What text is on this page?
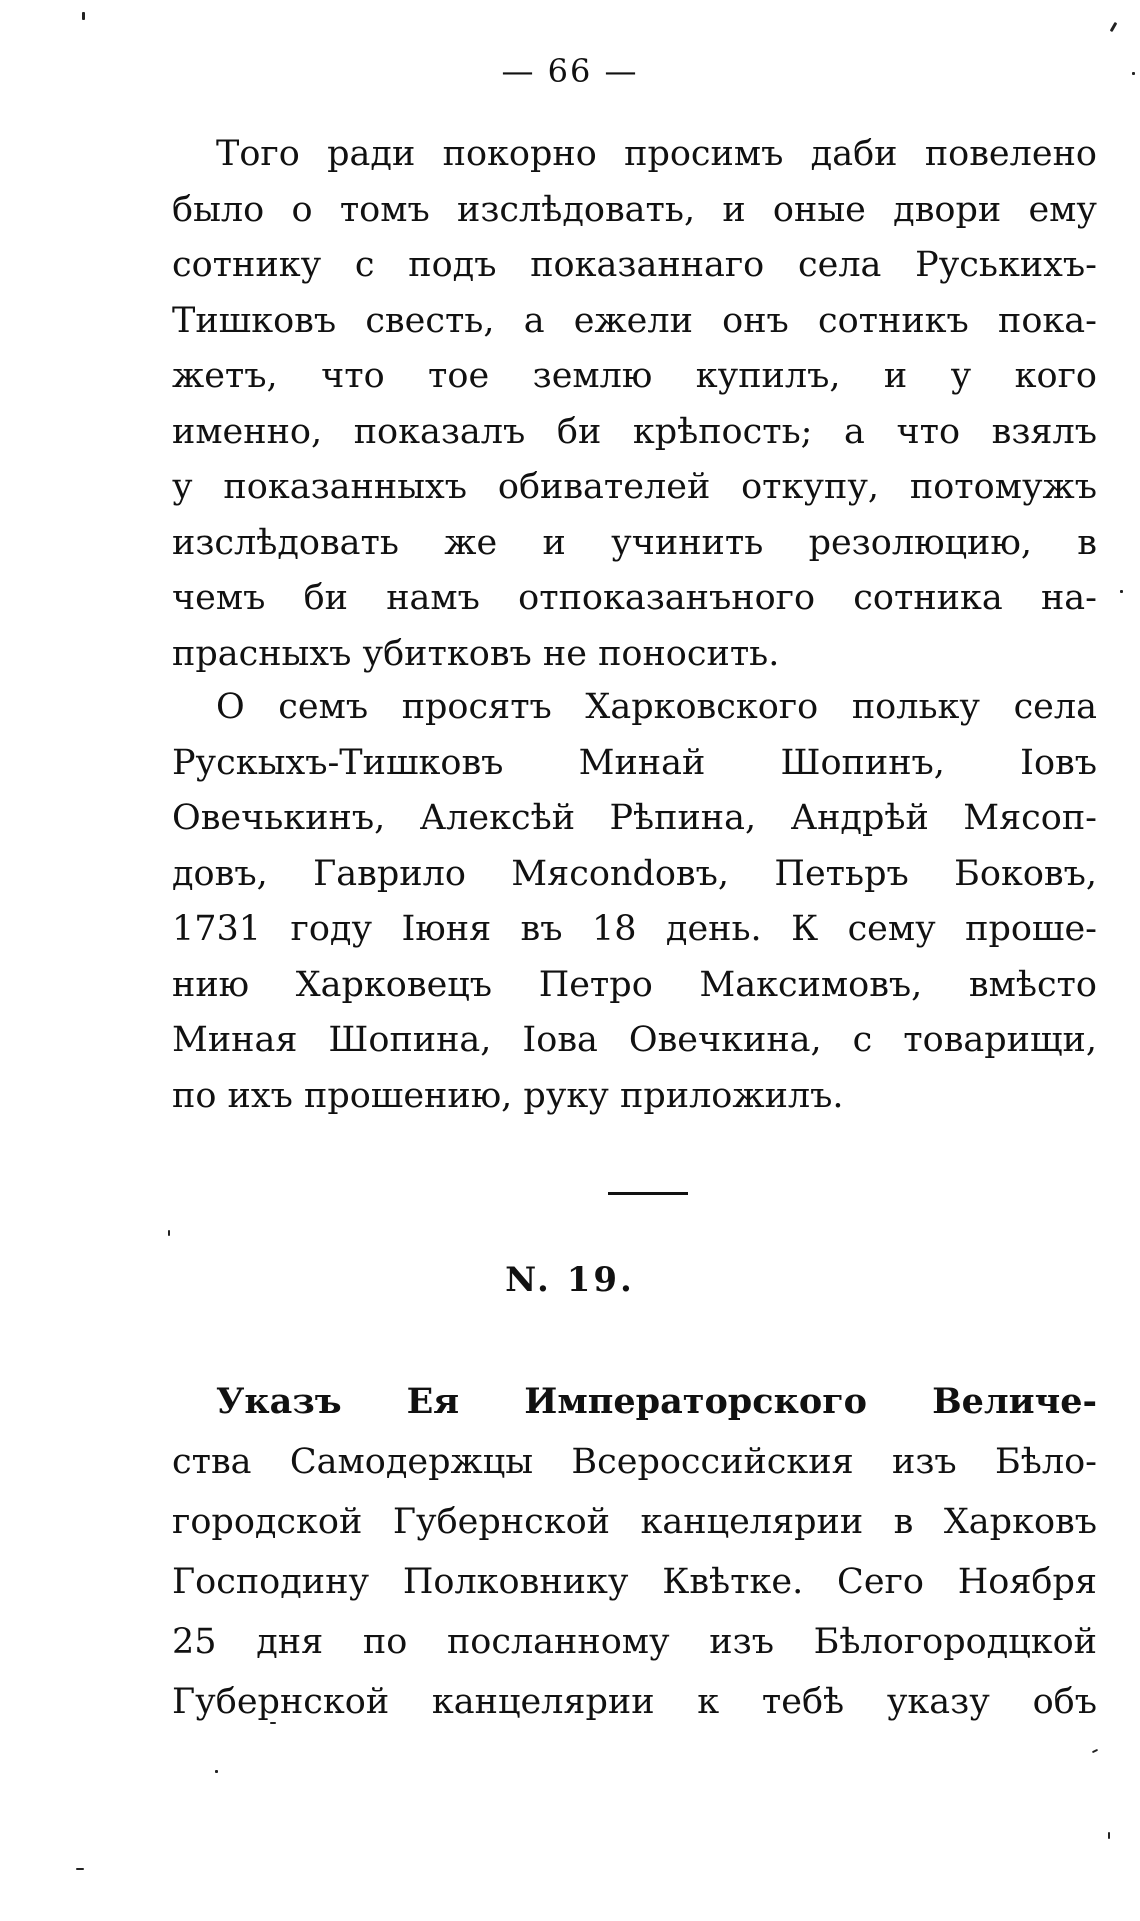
— 66 —
Того ради покорно просимъ даби повелено
было о томъ изслѣдовать, и оные двори ему
сотнику с подъ показаннаго села Руськихъ-
Тишковъ свесть, а ежели онъ сотникъ пока-
жетъ, что тое землю купилъ, и у кого
именно, показалъ би крѣпость; а что взялъ
у показанныхъ обивателей откупу, потомужъ
изслѣдовать же и учинить резолюцию, в
чемъ би намъ отпоказанъного сотника на-
прасныхъ убитковъ не поносить.
О семъ просятъ Харковского польку села
Рускыхъ-Тишковъ Минай Шопинъ, Іовъ
Овечькинъ, Алексѣй Рѣпина, Андрѣй Мясоп-
довъ, Гаврило Мясоndовъ, Петьръ Боковъ,
1731 году Іюня въ 18 день. К сему проше-
нию Харковецъ Петро Максимовъ, вмѣсто
Миная Шопина, Іова Овечкина, с товарищи,
по ихъ прошению, руку приложилъ.
N. 19.
Указъ Ея Императорского Величе-
ства Самодержцы Всероссийския изъ Бѣло-
городской Губернской канцелярии в Харковъ
Господину Полковнику Квѣтке. Сего Ноября
25 дня по посланному изъ Бѣлогородцкой
Губернской канцелярии к тебѣ указу объ
